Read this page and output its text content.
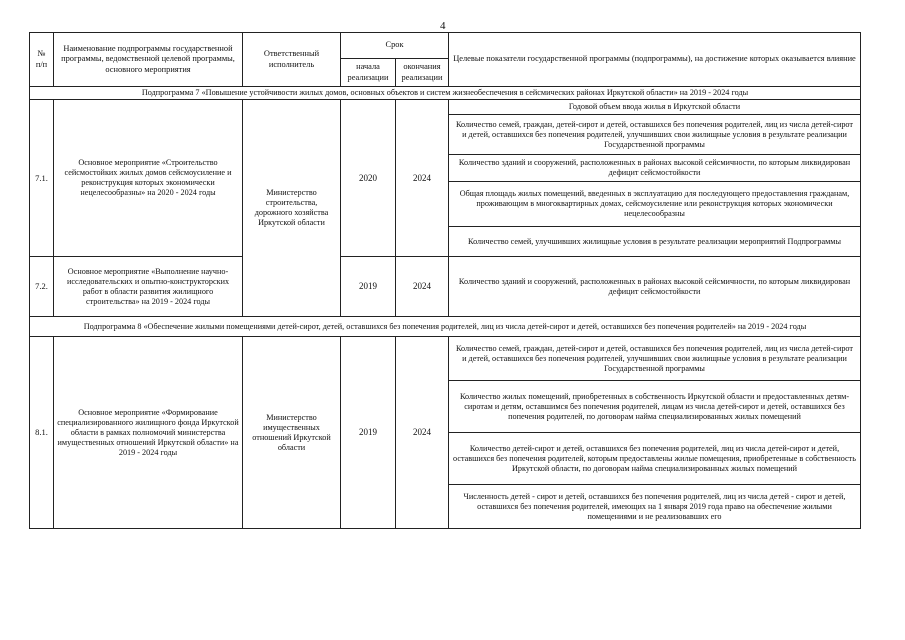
4
№
п/п	Наименование подпрограммы государственной программы, ведомственной целевой программы, основного мероприятия	Ответственный исполнитель	Срок		Целевые показатели государственной программы (подпрограммы), на достижение которых оказывается влияние
			начала реализации	окончания реализации	
Подпрограмма 7 «Повышение устойчивости жилых домов, основных объектов и систем жизнеобеспечения в сейсмических районах Иркутской области» на 2019 - 2024 годы					
7.1.	Основное мероприятие «Строительство сейсмостойких жилых домов сейсмоусиление и реконструкция которых экономически нецелесообразны» на 2020 - 2024 годы	Министерство строительства, дорожного хозяйства Иркутской области	2020	2024	Годовой объем ввода жилья в Иркутской области
					Количество семей, граждан, детей-сирот и детей, оставшихся без попечения родителей, лиц из числа детей-сирот и детей, оставшихся без попечения родителей, улучшивших свои жилищные условия в результате реализации Государственной программы
					Количество зданий и сооружений, расположенных в районах высокой сейсмичности, по которым ликвидирован дефицит сейсмостойкости
					Общая площадь жилых помещений, введенных в эксплуатацию для последующего предоставления гражданам, проживающим в многоквартирных домах, сейсмоусиление или реконструкция которых экономически нецелесообразны
					Количество семей, улучшивших жилищные условия в результате реализации мероприятий Подпрограммы
7.2.	Основное мероприятие «Выполнение научно-исследовательских и опытно-конструкторских работ в области развития жилищного строительства» на 2019 - 2024 годы		2019	2024	Количество зданий и сооружений, расположенных в районах высокой сейсмичности, по которым ликвидирован дефицит сейсмостойкости
Подпрограмма 8 «Обеспечение жилыми помещениями детей-сирот, детей, оставшихся без попечения родителей, лиц из числа детей-сирот и детей, оставшихся без попечения родителей» на 2019 - 2024 годы					
8.1.	Основное мероприятие «Формирование специализированного жилищного фонда Иркутской области в рамках полномочий министерства имущественных отношений Иркутской области» на 2019 - 2024 годы	Министерство имущественных отношений Иркутской области	2019	2024	Количество семей, граждан, детей-сирот и детей, оставшихся без попечения родителей, лиц из числа детей-сирот и детей, оставшихся без попечения родителей, улучшивших свои жилищные условия в результате реализации Государственной программы
					Количество жилых помещений, приобретенных в собственность Иркутской области и предоставленных детям-сиротам и детям, оставшимся без попечения родителей, лицам из числа детей-сирот и детей, оставшихся без попечения родителей, по договорам найма специализированных жилых помещений
					Количество детей-сирот и детей, оставшихся без попечения родителей, лиц из числа детей-сирот и детей, оставшихся без попечения родителей, которым предоставлены жилые помещения, приобретенные в собственность Иркутской области, по договорам найма специализированных жилых помещений
					Численность детей - сирот и детей, оставшихся без попечения родителей, лиц из числа детей - сирот и детей, оставшихся без попечения родителей, имеющих на 1 января 2019 года право на обеспечение жилыми помещениями и не реализовавших его
